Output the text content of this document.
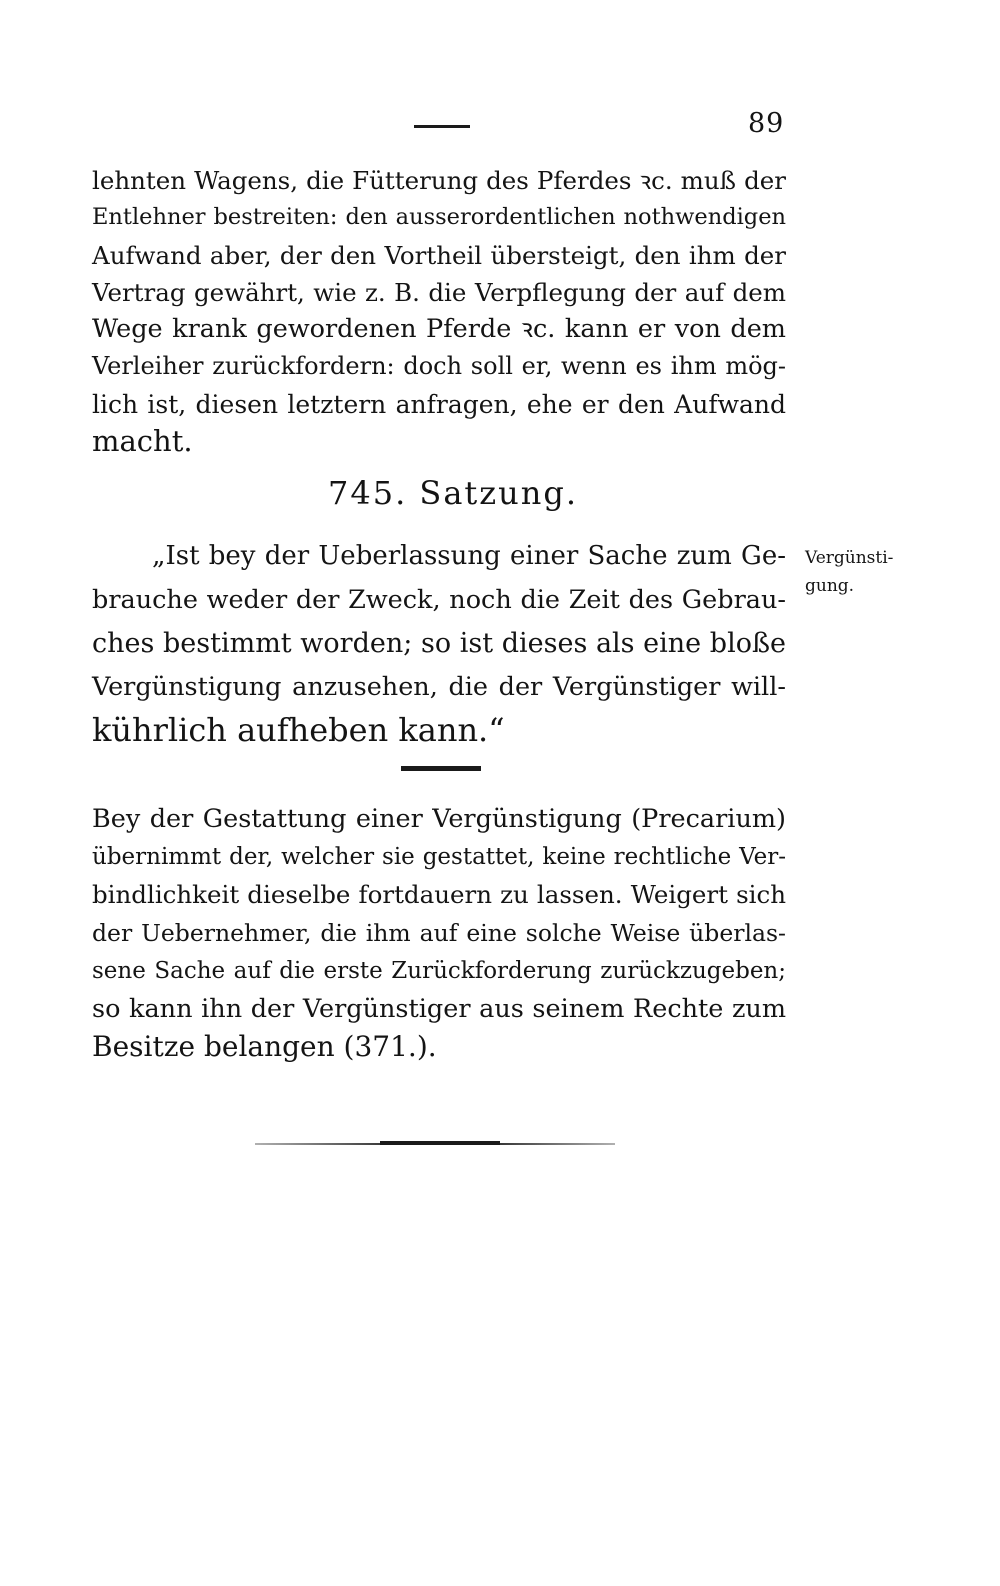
89

lehnten Wagens, die Fütterung des Pferdes ꝛc. muß der
Entlehner bestreiten: den ausserordentlichen nothwendigen
Aufwand aber, der den Vortheil übersteigt, den ihm der
Vertrag gewährt, wie z. B. die Verpflegung der auf dem
Wege krank gewordenen Pferde ꝛc. kann er von dem
Verleiher zurückfordern: doch soll er, wenn es ihm mög-
lich ist, diesen letztern anfragen, ehe er den Aufwand
macht.

745. Satzung.

„Ist bey der Ueberlassung einer Sache zum Ge-
brauche weder der Zweck, noch die Zeit des Gebrau-
ches bestimmt worden; so ist dieses als eine bloße
Vergünstigung anzusehen, die der Vergünstiger will-
kührlich aufheben kann.“

Vergünsti-
gung.

Bey der Gestattung einer Vergünstigung (Precarium)
übernimmt der, welcher sie gestattet, keine rechtliche Ver-
bindlichkeit dieselbe fortdauern zu lassen. Weigert sich
der Uebernehmer, die ihm auf eine solche Weise überlas-
sene Sache auf die erste Zurückforderung zurückzugeben;
so kann ihn der Vergünstiger aus seinem Rechte zum
Besitze belangen (371.).
